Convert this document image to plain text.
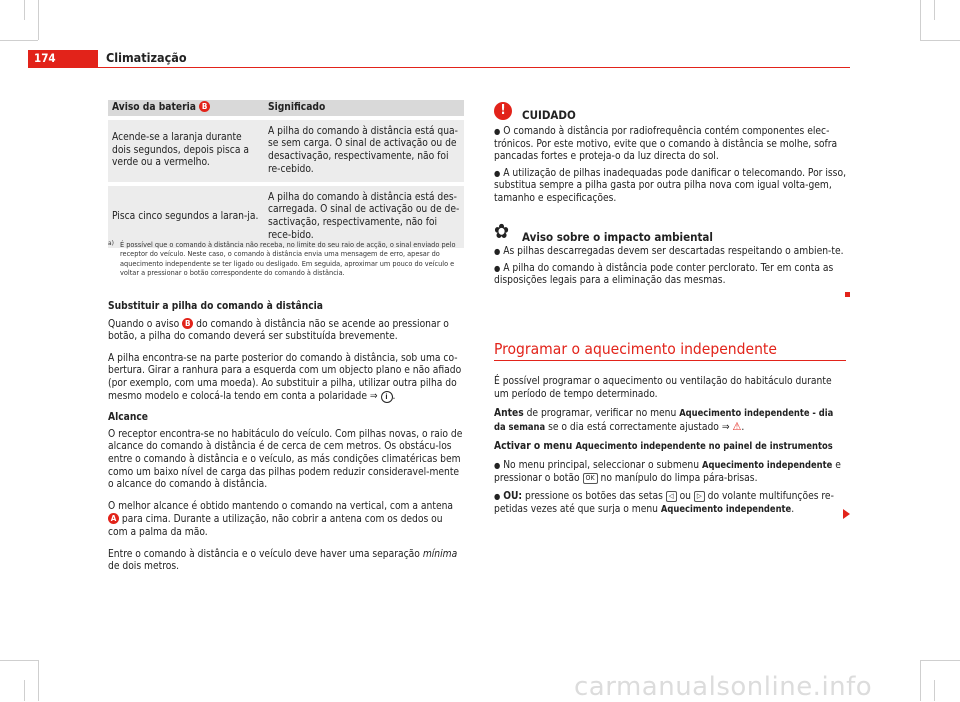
174	Climatização
Aviso da bateria B	Significado

Acende-se a laranja durante dois segundos, depois pisca a verde ou a vermelho.	A pilha do comando à distância está qua-se sem carga. O sinal de activação ou de desactivação, respectivamente, não foi re-cebido.

Pisca cinco segundos a laran-ja.	A pilha do comando à distância está des-carregada. O sinal de activação ou de de-sactivação, respectivamente, não foi rece-bido.
a) É possível que o comando à distância não receba, no limite do seu raio de acção, o sinal enviado pelo receptor do veículo. Neste caso, o comando à distância envia uma mensagem de erro, apesar do aquecimento independente se ter ligado ou desligado. Em seguida, aproximar um pouco do veículo e voltar a pressionar o botão correspondente do comando à distância.
Substituir a pilha do comando à distância
Quando o aviso B do comando à distância não se acende ao pressionar o botão, a pilha do comando deverá ser substituída brevemente.
A pilha encontra-se na parte posterior do comando à distância, sob uma co-bertura. Girar a ranhura para a esquerda com um objecto plano e não afiado (por exemplo, com uma moeda). Ao substituir a pilha, utilizar outra pilha do mesmo modelo e colocá-la tendo em conta a polaridade ⇒ i .
Alcance
O receptor encontra-se no habitáculo do veículo. Com pilhas novas, o raio de alcance do comando à distância é de cerca de cem metros. Os obstácu-los entre o comando à distância e o veículo, as más condições climatéricas bem como um baixo nível de carga das pilhas podem reduzir consideravel-mente o alcance do comando à distância.
O melhor alcance é obtido mantendo o comando na vertical, com a antena A para cima. Durante a utilização, não cobrir a antena com os dedos ou com a palma da mão.
Entre o comando à distância e o veículo deve haver uma separação mínima de dois metros.
!	CUIDADO
● O comando à distância por radiofrequência contém componentes elec-trónicos. Por este motivo, evite que o comando à distância se molhe, sofra pancadas fortes e proteja-o da luz directa do sol.
● A utilização de pilhas inadequadas pode danificar o telecomando. Por isso, substitua sempre a pilha gasta por outra pilha nova com igual volta-gem, tamanho e especificações.
✿ Aviso sobre o impacto ambiental
● As pilhas descarregadas devem ser descartadas respeitando o ambien-te.
● A pilha do comando à distância pode conter perclorato. Ter em conta as disposições legais para a eliminação das mesmas.
Programar o aquecimento independente
É possível programar o aquecimento ou ventilação do habitáculo durante um período de tempo determinado.
Antes de programar, verificar no menu Aquecimento independente - dia da semana se o dia está correctamente ajustado ⇒ ⚠.
Activar o menu Aquecimento independente no painel de instrumentos
● No menu principal, seleccionar o submenu Aquecimento independente e pressionar o botão OK no manípulo do limpa pára-brisas.
● OU: pressione os botões das setas ◁ ou ▷ do volante multifunções re-petidas vezes até que surja o menu Aquecimento independente.
carmanualsonline.info
